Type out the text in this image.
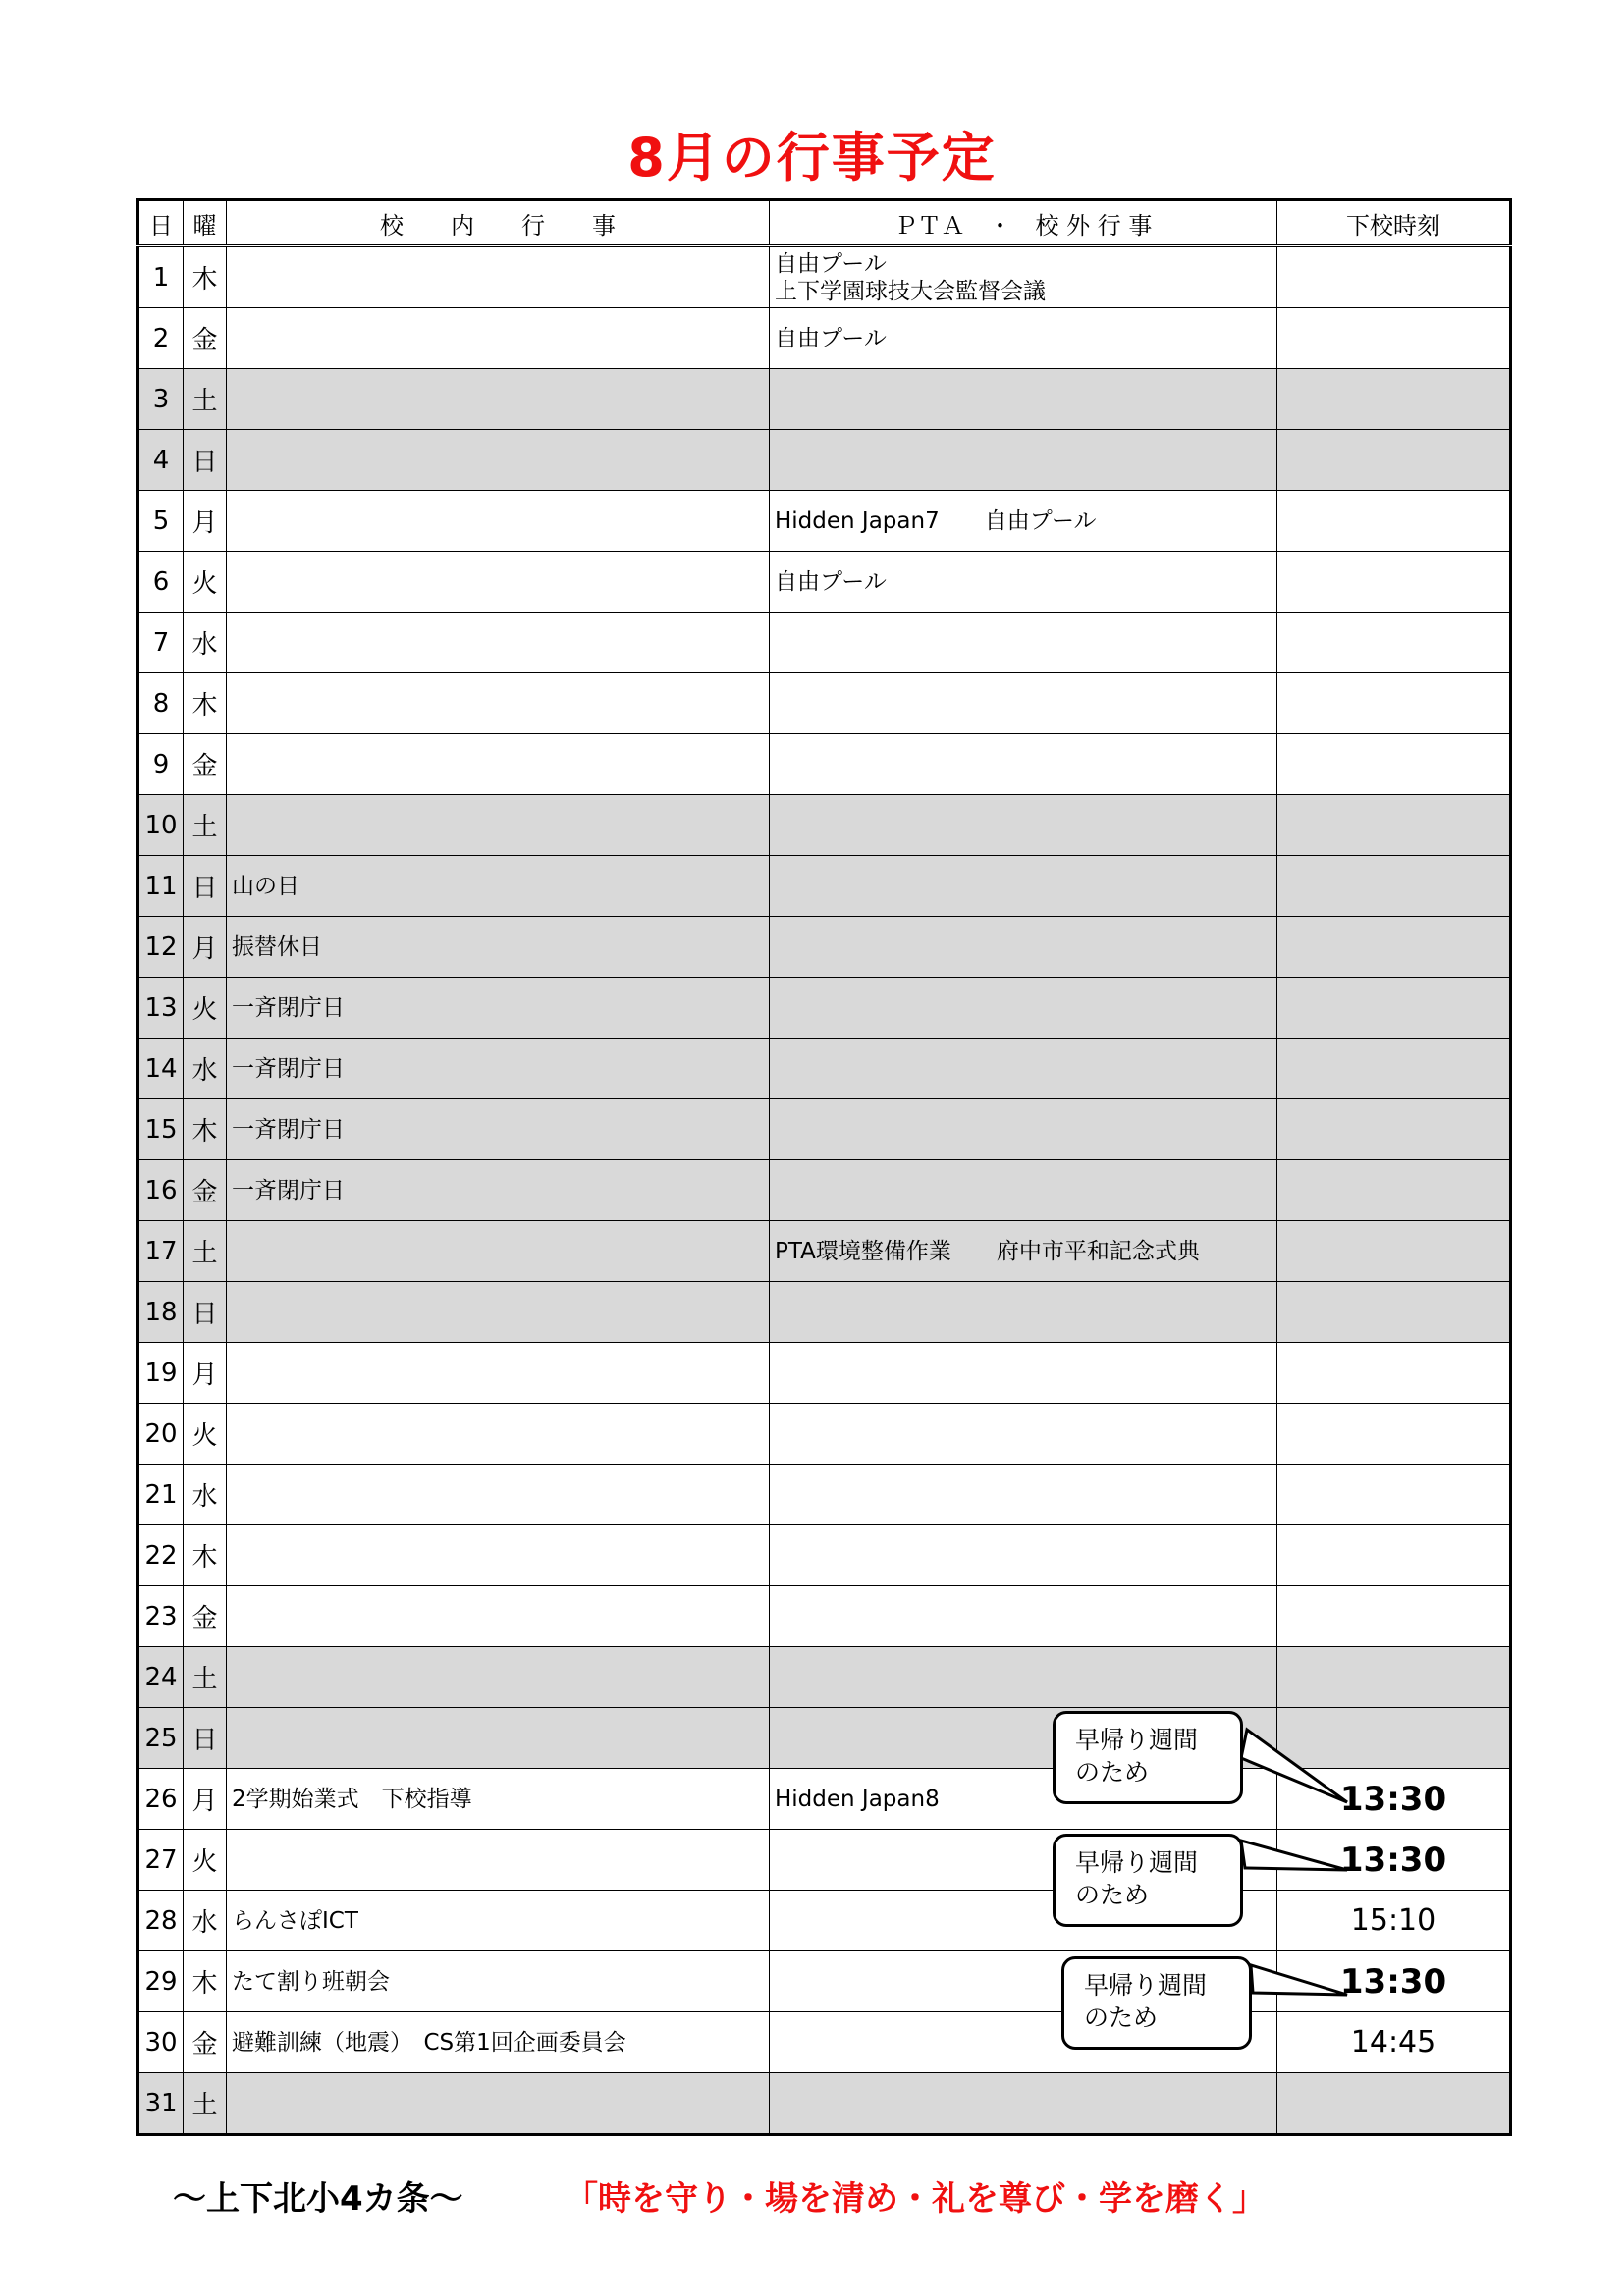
8月の行事予定
日	曜	校　　内　　行　　事	ＰＴＡ　・　校 外 行 事	下校時刻
1	木		自由プール
上下学園球技大会監督会議	
2	金		自由プール	
3	土			
4	日			
5	月		Hidden Japan7　　自由プール	
6	火		自由プール	
7	水			
8	木			
9	金			
10	土			
11	日	山の日		
12	月	振替休日		
13	火	一斉閉庁日		
14	水	一斉閉庁日		
15	木	一斉閉庁日		
16	金	一斉閉庁日		
17	土		PTA環境整備作業　　府中市平和記念式典	
18	日			
19	月			
20	火			
21	水			
22	木			
23	金			
24	土			
25	日			
26	月	2学期始業式　下校指導	Hidden Japan8	13:30
27	火			13:30
28	水	らんさぽICT		15:10
29	木	たて割り班朝会		13:30
30	金	避難訓練（地震）　CS第1回企画委員会		14:45
31	土			
早帰り週間
のため
早帰り週間
のため
早帰り週間
のため
～上下北小4カ条～	「時を守り・場を清め・礼を尊び・学を磨く」
